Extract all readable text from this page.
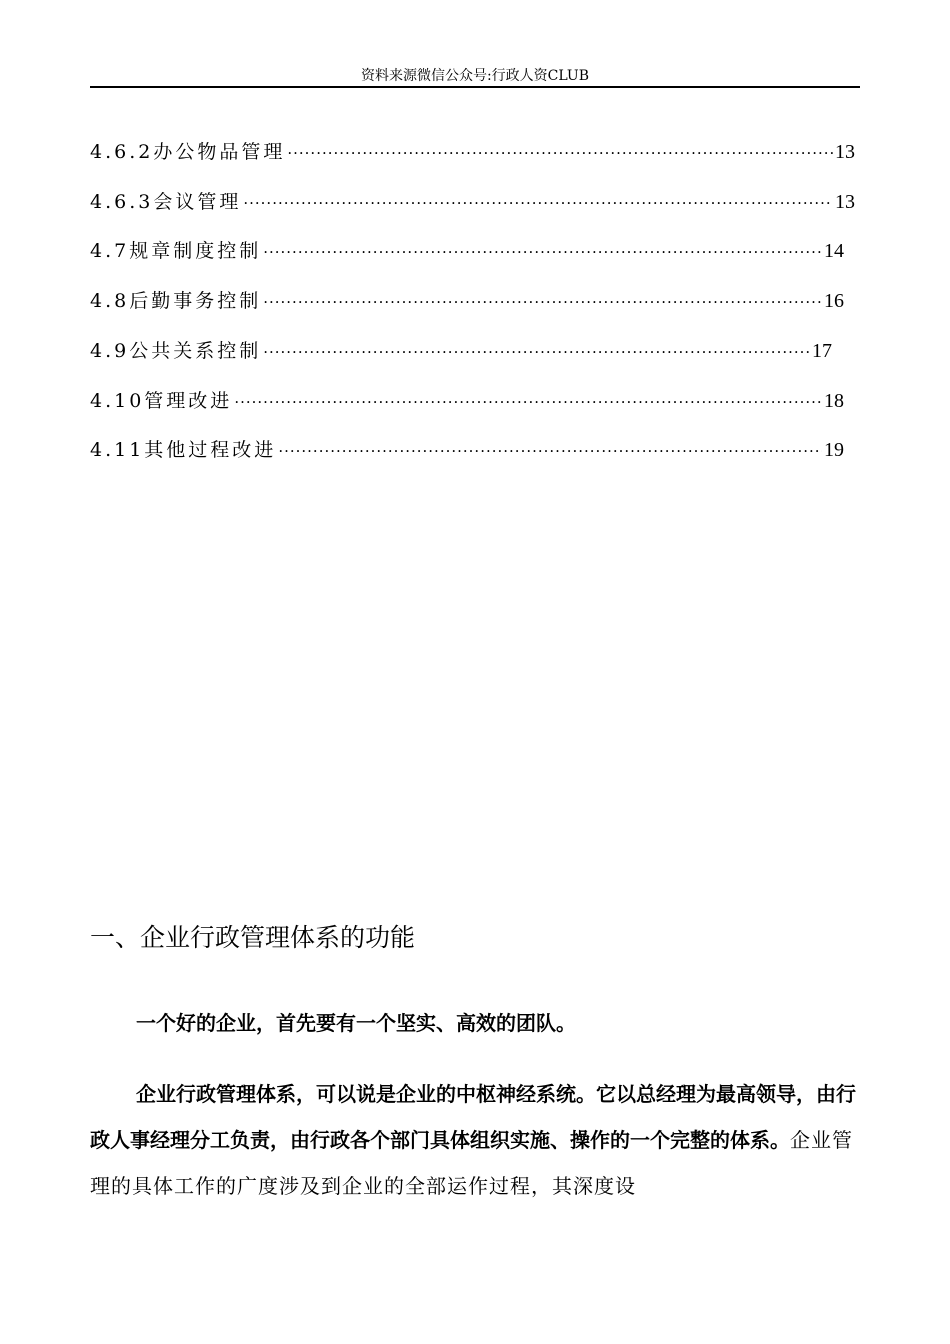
资料来源微信公众号:行政人资CLUB
4.6.2办公物品管理 ·····	13
4.6.3会议管理 ·····	13
4.7规章制度控制 ·····	14
4.8后勤事务控制 ·····	16
4.9公共关系控制 ·····	17
4.10管理改进 ·····	18
4.11其他过程改进 ·····	19
一、企业行政管理体系的功能

一个好的企业，首先要有一个坚实、高效的团队。

企业行政管理体系，可以说是企业的中枢神经系统。它以总经理为最高领导，由行政人事经理分工负责，由行政各个部门具体组织实施、操作的一个完整的体系。企业管理的具体工作的广度涉及到企业的全部运作过程，其深度设
